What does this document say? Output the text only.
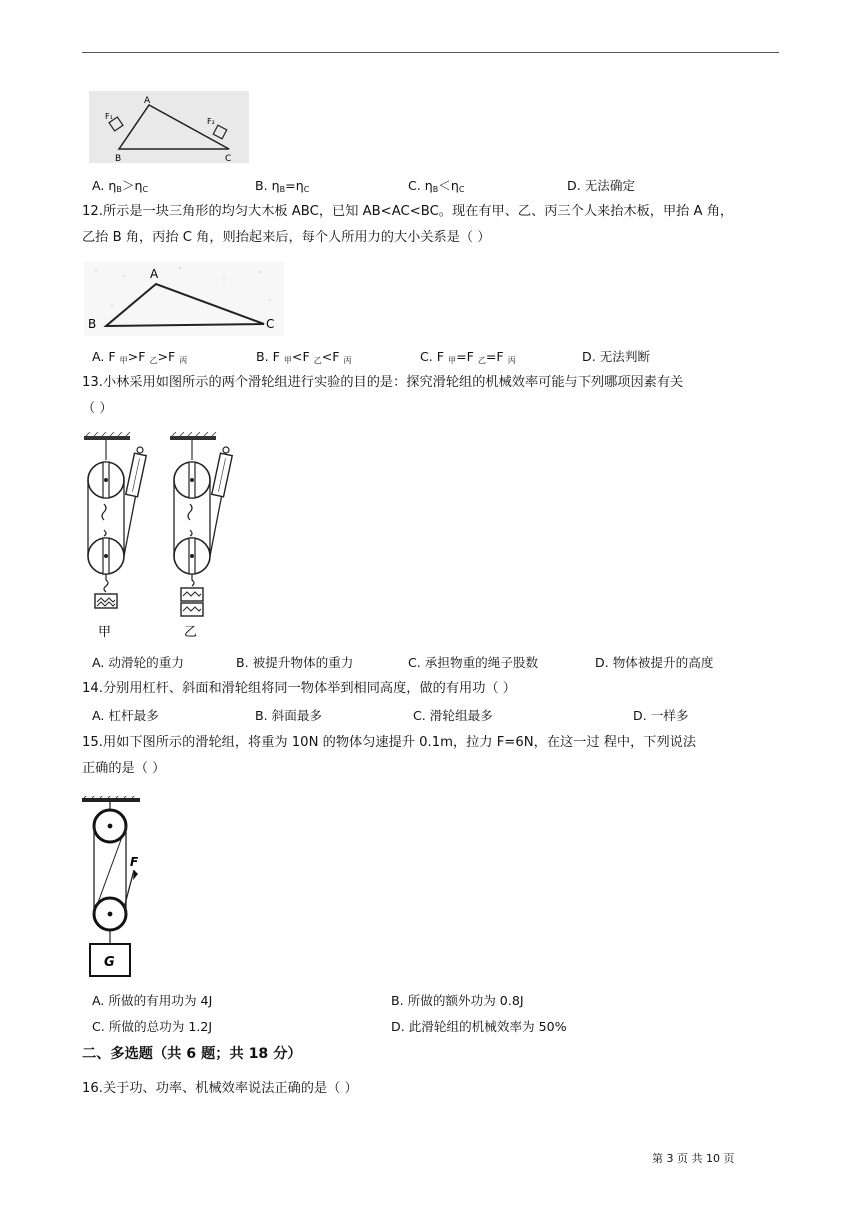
A
B	C
F₁
F₂
A. $\eta_B>\eta_C$	B. $\eta_B=\eta_C$	C. $\eta_B<\eta_C$	D. 无法确定
12.所示是一块三角形的均匀大木板 ABC，已知 AB<AC<BC。现在有甲、乙、丙三个人来抬木板，甲抬 A 角，
乙抬 B 角，丙抬 C 角，则抬起来后，每个人所用力的大小关系是（ ）
A
B	C
A. F $_甲$>F $_乙$>F $_丙$	B. F $_甲$<F $_乙$<F $_丙$	C. F $_甲$=F $_乙$=F $_丙$	D. 无法判断
13.小林采用如图所示的两个滑轮组进行实验的目的是：探究滑轮组的机械效率可能与下列哪项因素有关
（ ）
甲	乙
A. 动滑轮的重力	B. 被提升物体的重力	C. 承担物重的绳子股数	D. 物体被提升的高度
14.分别用杠杆、斜面和滑轮组将同一物体举到相同高度，做的有用功（ ）
A. 杠杆最多	B. 斜面最多	C. 滑轮组最多	D. 一样多
15.用如下图所示的滑轮组，将重为 10N 的物体匀速提升 0.1m，拉力 F=6N，在这一过 程中，下列说法
正确的是（ ）
F
G
A. 所做的有用功为 4J	B. 所做的额外功为 0.8J
C. 所做的总功为 1.2J	D. 此滑轮组的机械效率为 50%
二、多选题（共 6 题；共 18 分）
16.关于功、功率、机械效率说法正确的是（ ）
第 3 页 共 10 页
